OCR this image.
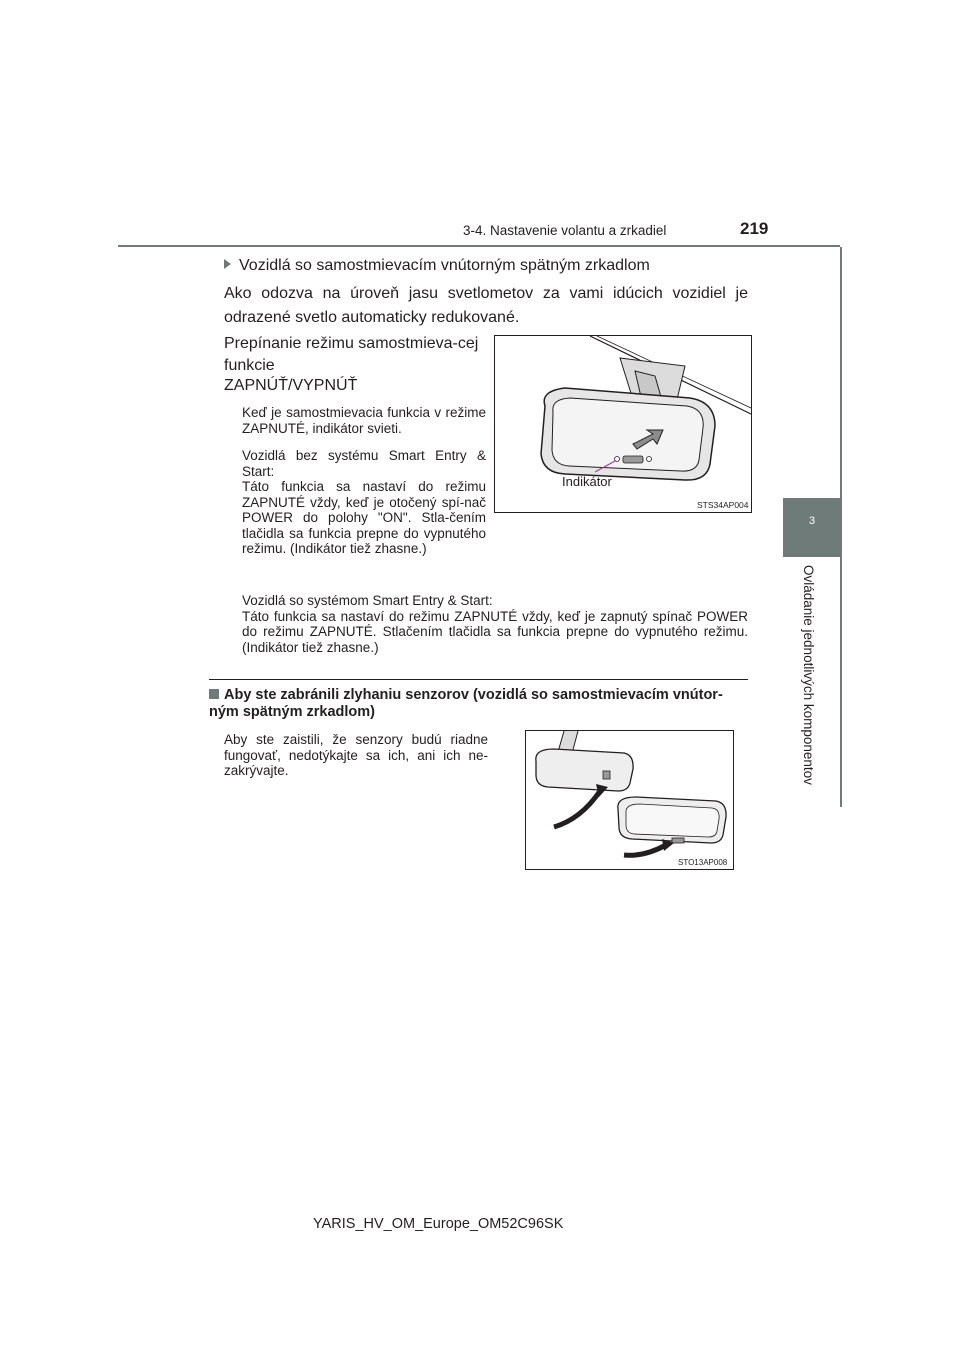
3-4. Nastavenie volantu a zrkadiel	219
3
Ovládanie jednotlivých komponentov
Vozidlá so samostmievacím vnútorným spätným zrkadlom
Ako odozva na úroveň jasu svetlometov za vami idúcich vozidiel je odrazené svetlo automaticky redukované.
Prepínanie režimu samostmieva-cej funkcie
ZAPNÚŤ/VYPNÚŤ
Keď je samostmievacia funkcia v režime ZAPNUTÉ, indikátor svieti.
Vozidlá bez systému Smart Entry & Start:
Táto funkcia sa nastaví do režimu ZAPNUTÉ vždy, keď je otočený spí-nač POWER do polohy "ON". Stla-čením tlačidla sa funkcia prepne do vypnutého režimu. (Indikátor tiež zhasne.)
Vozidlá so systémom Smart Entry & Start:
Táto funkcia sa nastaví do režimu ZAPNUTÉ vždy, keď je zapnutý spínač POWER do režimu ZAPNUTÉ. Stlačením tlačidla sa funkcia prepne do vypnutého režimu. (Indikátor tiež zhasne.)
Indikátor
STS34AP004
Aby ste zabránili zlyhaniu senzorov (vozidlá so samostmievacím vnútor-ným spätným zrkadlom)
Aby ste zaistili, že senzory budú riadne fungovať, nedotýkajte sa ich, ani ich ne-zakrývajte.
STO13AP008
YARIS_HV_OM_Europe_OM52C96SK
